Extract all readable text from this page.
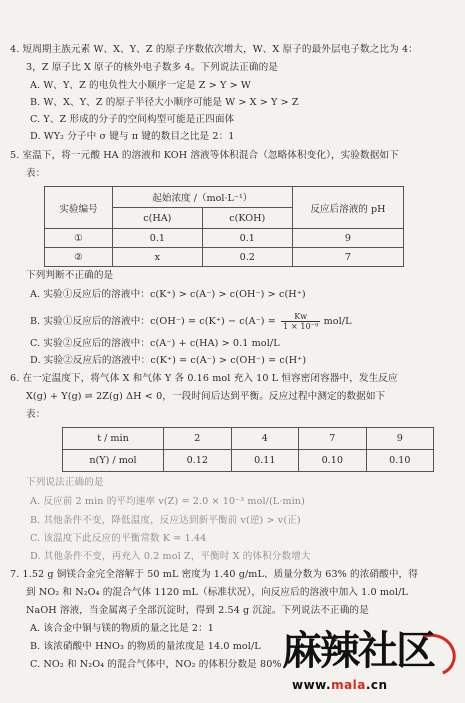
4. 短周期主族元素 W、X、Y、Z 的原子序数依次增大，W、X 原子的最外层电子数之比为 4：
3，Z 原子比 X 原子的核外电子数多 4。下列说法正确的是
A. W、Y、Z 的电负性大小顺序一定是 Z > Y > W
B. W、X、Y、Z 的原子半径大小顺序可能是 W > X > Y > Z
C. Y、Z 形成的分子的空间构型可能是正四面体
D. WY₂ 分子中 σ 键与 π 键的数目之比是 2：1
5. 室温下，将一元酸 HA 的溶液和 KOH 溶液等体积混合（忽略体积变化），实验数据如下
表：
实验编号	起始浓度 /（mol·L⁻¹）		反应后溶液的 pH
	c(HA)	c(KOH)	
①	0.1	0.1	9
②	x	0.2	7
下列判断不正确的是
A. 实验①反应后的溶液中：c(K⁺) > c(A⁻) > c(OH⁻) > c(H⁺)
B. 实验①反应后的溶液中：$c(OH^-) = c(K^+) - c(A^-) = \frac{Kw}{\text{1 × 10⁻⁹}} mol/L$
C. 实验②反应后的溶液中：c(A⁻) + c(HA) > 0.1 mol/L
D. 实验②反应后的溶液中：c(K⁺) = c(A⁻) > c(OH⁻) = c(H⁺)
6. 在一定温度下，将气体 X 和气体 Y 各 0.16 mol 充入 10 L 恒容密闭容器中，发生反应
X(g) + Y(g) ⇌ 2Z(g) ΔH < 0，一段时间后达到平衡。反应过程中测定的数据如下
表：
t / min	2	4	7	9
n(Y) / mol	0.12	0.11	0.10	0.10
下列说法正确的是
A. 反应前 2 min 的平均速率 v(Z) = 2.0 × 10⁻³ mol/(L·min)
B. 其他条件不变，降低温度，反应达到新平衡前 v(逆) > v(正)
C. 该温度下此反应的平衡常数 K = 1.44
D. 其他条件不变，再充入 0.2 mol Z，平衡时 X 的体积分数增大
7. 1.52 g 铜镁合金完全溶解于 50 mL 密度为 1.40 g/mL、质量分数为 63% 的浓硝酸中，得
到 NO₂ 和 N₂O₄ 的混合气体 1120 mL（标准状况），向反应后的溶液中加入 1.0 mol/L
NaOH 溶液，当金属离子全部沉淀时，得到 2.54 g 沉淀。下列说法不正确的是
A. 该合金中铜与镁的物质的量之比是 2：1
B. 该浓硝酸中 HNO₃ 的物质的量浓度是 14.0 mol/L
C. NO₂ 和 N₂O₄ 的混合气体中，NO₂ 的体积分数是 80% 麻辣社区
www.mala.cn
